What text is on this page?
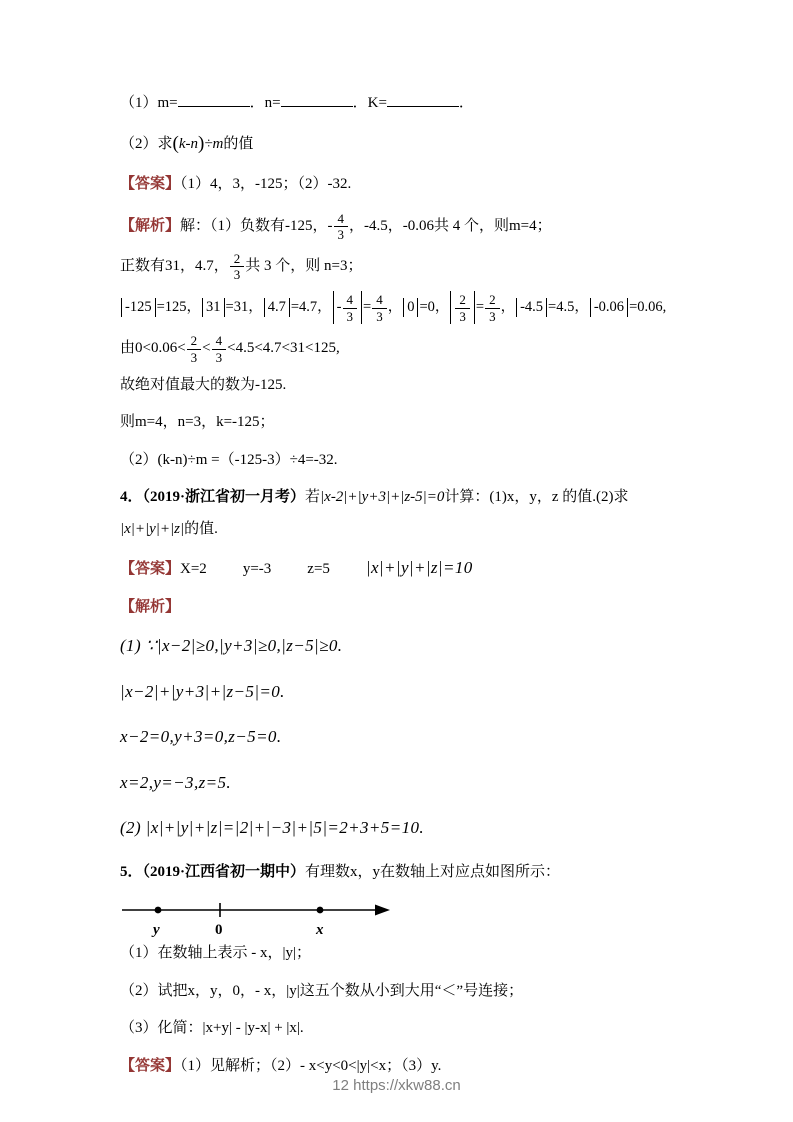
（1）m=	．n=	．K=	．

（2）求(k-n)÷m的值

【答案】（1）4，3，-125；（2）-32.

【解析】解：（1）负数有-125，- $\frac{4}{3}$ ，-4.5，-0.06共 4 个，则m=4；

正数有31，4.7， $\frac{2}{3}$ 共 3 个，则 n=3；

-125 =125， 31 =31， 4.7 =4.7， - $\frac{4}{3} = \frac{4}{3}$ ， 0 =0， $\frac{2}{3} = \frac{2}{3}$ ， -4.5 =4.5， -0.06 =0.06,

由$0<0.06< \frac{2}{3} < \frac{4}{3} <4.5<4.7<31<125$,

故绝对值最大的数为-125.

则m=4，n=3，k=-125；

（2）(k-n)÷m =（-125-3）÷4=-32.

4．（2019·浙江省初一月考）若|x-2|+|y+3|+|z-5|=0计算：(1)x，y，z 的值.(2)求

|x|+|y|+|z|的值.

【答案】X=2 y=-3 z=5 |x|+|y|+|z|=10

【解析】

(1) ∵|x−2|≥0,|y+3|≥0,|z−5|≥0.

|x−2|+|y+3|+|z−5|=0.

x−2=0,y+3=0,z−5=0.

x=2,y=−3,z=5.

(2) |x|+|y|+|z|=|2|+|−3|+|5|=2+3+5=10.

5．（2019·江西省初一期中）有理数x，y在数轴上对应点如图所示：

y	0	x

（1）在数轴上表示 - x，|y|；

（2）试把x，y，0，- x，|y|这五个数从小到大用“＜”号连接；

（3）化简：|x+y| - |y-x| + |x|.

【答案】（1）见解析；（2）- x<y<0<|y|<x；（3）y.

12 https://xkw88.cn
